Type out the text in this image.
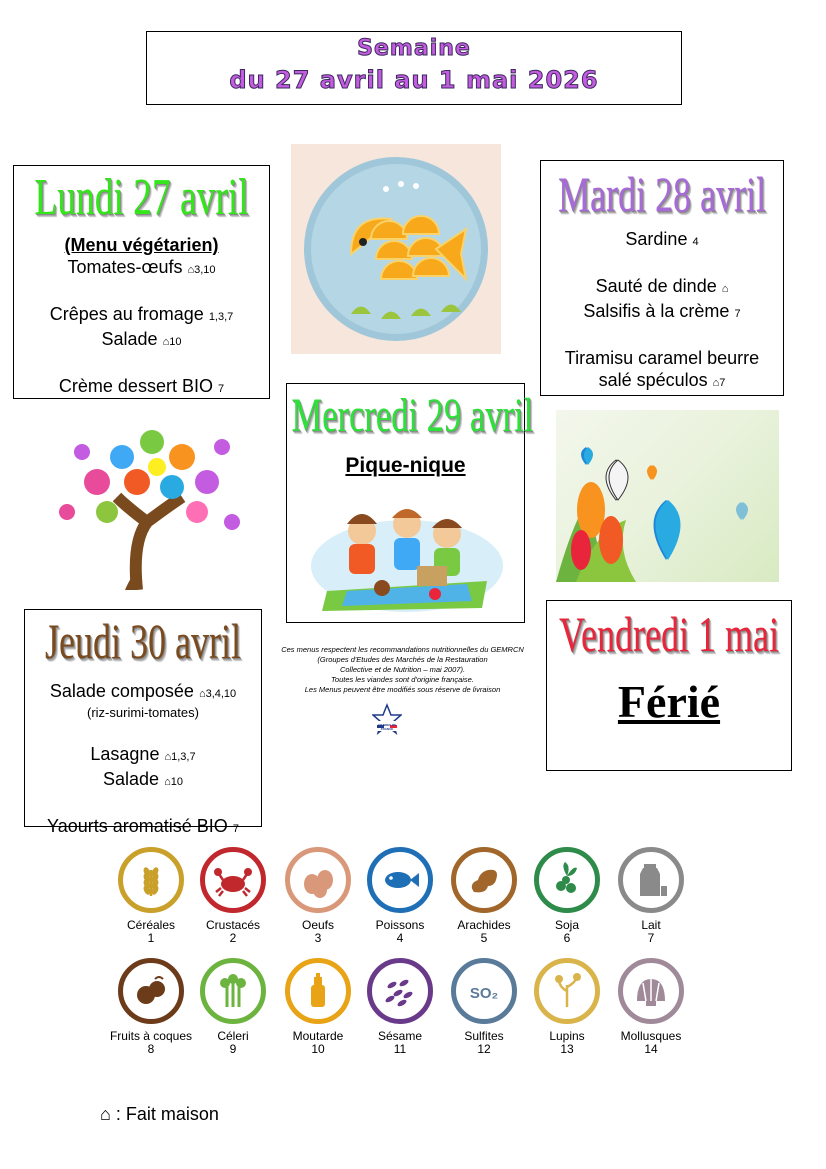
Semaine
du 27 avril au 1 mai 2026
Lundi 27 avril
(Menu végétarien)
Tomates-œufs ⌂3,10
Crêpes au fromage 1,3,7
Salade ⌂10
Crème dessert BIO 7
Mardi 28 avril
Sardine 4
Sauté de dinde ⌂
Salsifis à la crème 7
Tiramisu caramel beurre
salé spéculos ⌂7
Mercredi 29 avril
Pique-nique
Jeudi 30 avril
Salade composée ⌂3,4,10
(riz-surimi-tomates)
Lasagne ⌂1,3,7
Salade ⌂10
Yaourts aromatisé BIO 7
Ces menus respectent les recommandations nutritionnelles du GEMRCN
(Groupes d'Etudes des Marchés de la Restauration
Collective et de Nutrition – mai 2007).
Toutes les viandes sont d'origine française.
Les Menus peuvent être modifiés sous réserve de livraison
VIANDES DE FRANCE
Vendredi 1 mai
Férié
Céréales
1
Crustacés
2
Oeufs
3
Poissons
4
Arachides
5
Soja
6
Lait
7
Fruits à coques
8
Céleri
9
Moutarde
10
Sésame
11
SO₂
Sulfites
12
Lupins
13
Mollusques
14
⌂ : Fait maison
